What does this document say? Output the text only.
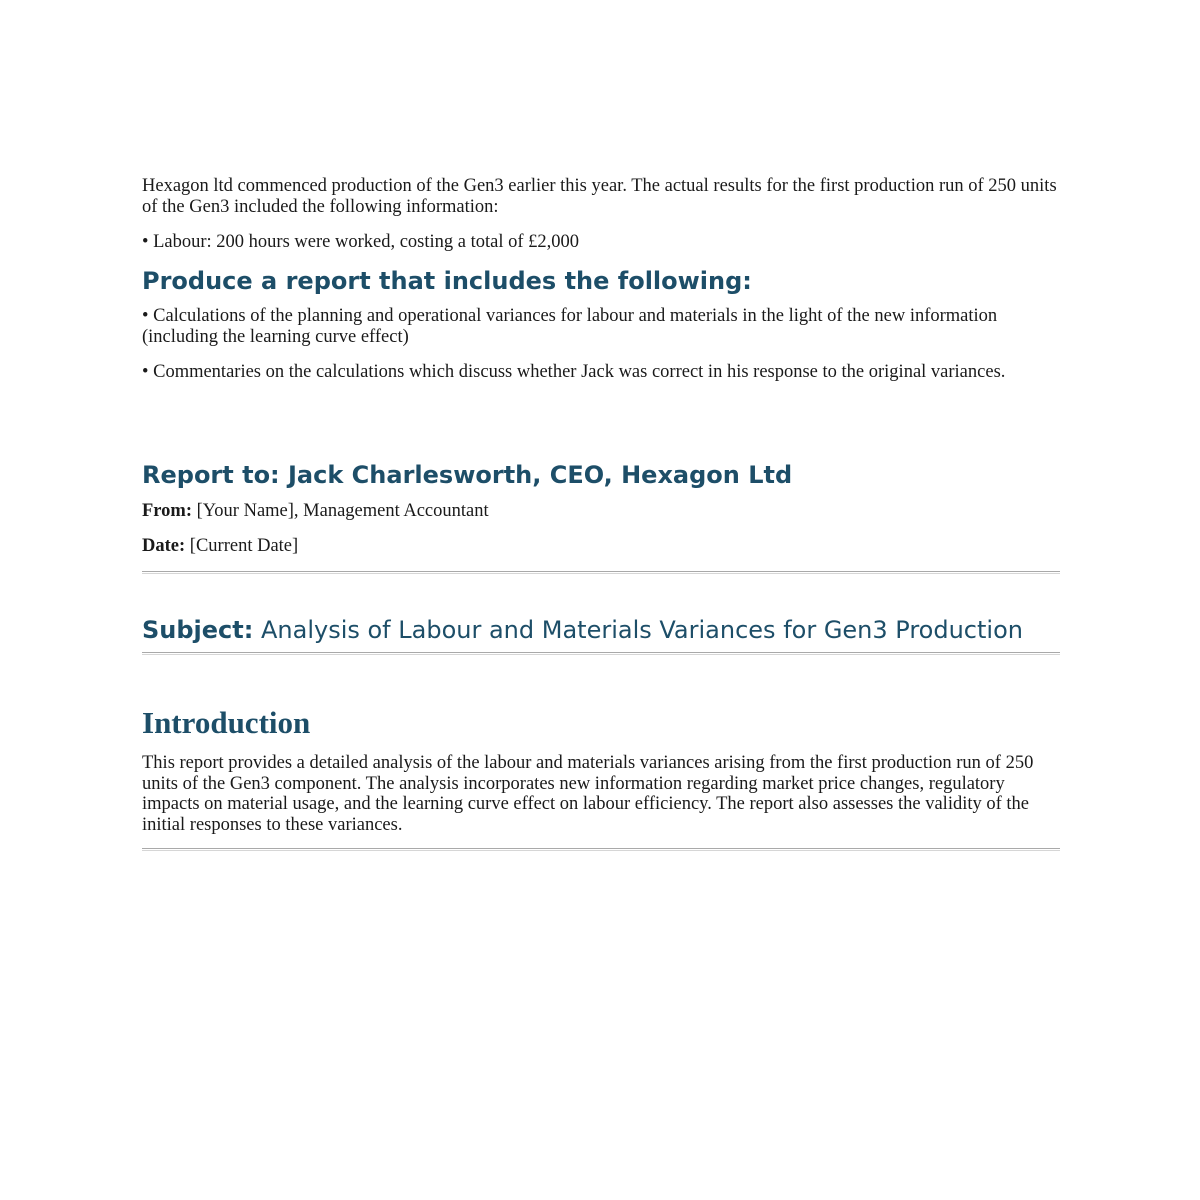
Hexagon ltd commenced production of the Gen3 earlier this year. The actual results for the first production run of 250 units of the Gen3 included the following information:

• Labour: 200 hours were worked, costing a total of £2,000

Produce a report that includes the following:

• Calculations of the planning and operational variances for labour and materials in the light of the new information (including the learning curve effect)

• Commentaries on the calculations which discuss whether Jack was correct in his response to the original variances.

Report to: Jack Charlesworth, CEO, Hexagon Ltd

From: [Your Name], Management Accountant

Date: [Current Date]

Subject: Analysis of Labour and Materials Variances for Gen3 Production
Introduction

This report provides a detailed analysis of the labour and materials variances arising from the first production run of 250 units of the Gen3 component. The analysis incorporates new information regarding market price changes, regulatory impacts on material usage, and the learning curve effect on labour efficiency. The report also assesses the validity of the initial responses to these variances.
